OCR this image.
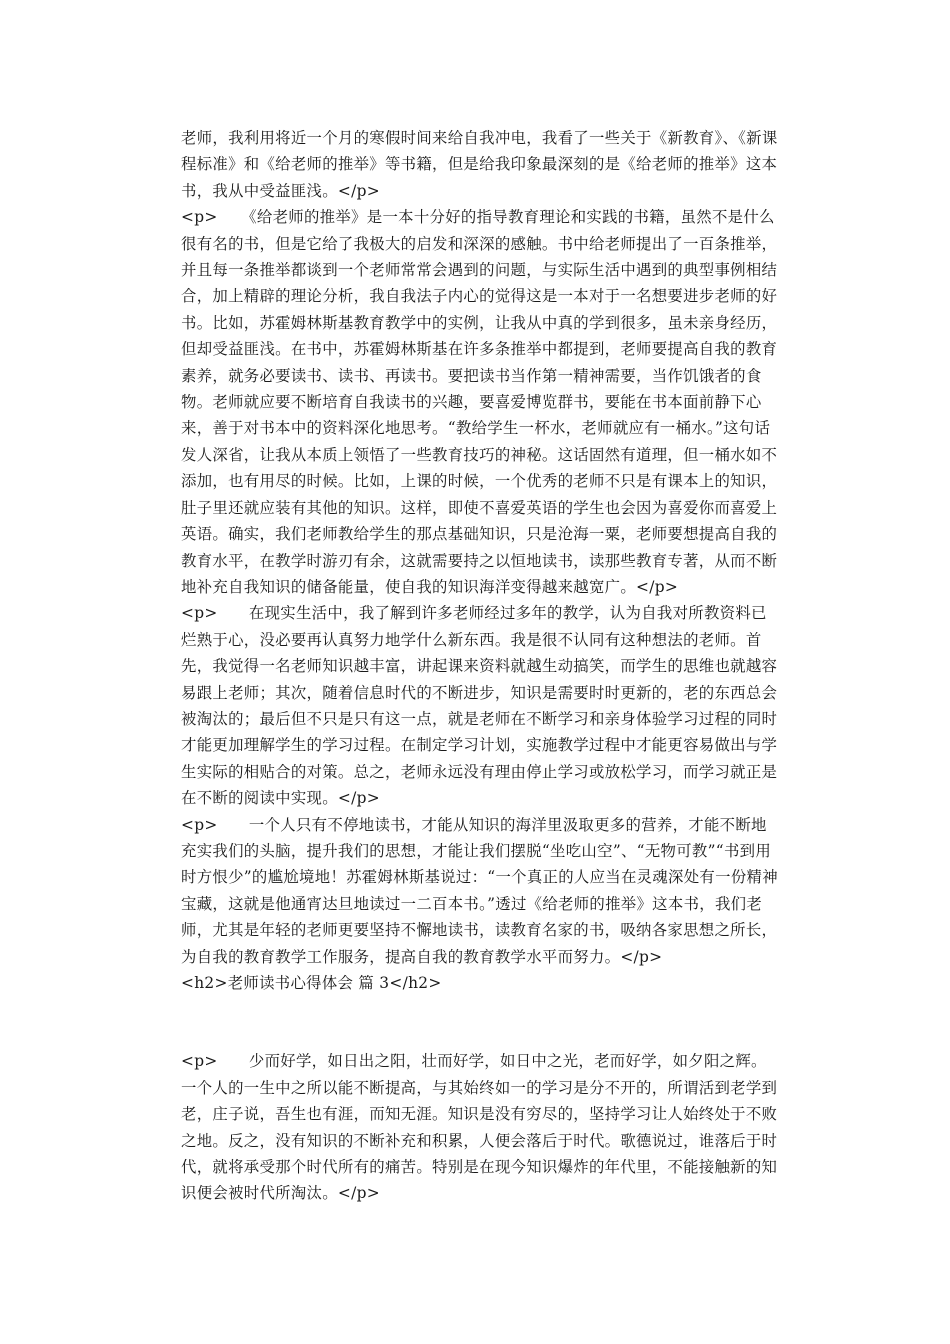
老师，我利用将近一个月的寒假时间来给自我冲电，我看了一些关于《新教育》、《新课程标准》和《给老师的推举》等书籍，但是给我印象最深刻的是《给老师的推举》这本书，我从中受益匪浅。</p>

<p>　　《给老师的推举》是一本十分好的指导教育理论和实践的书籍，虽然不是什么很有名的书，但是它给了我极大的启发和深深的感触。书中给老师提出了一百条推举，并且每一条推举都谈到一个老师常常会遇到的问题，与实际生活中遇到的典型事例相结合，加上精辟的理论分析，我自我法子内心的觉得这是一本对于一名想要进步老师的好书。比如，苏霍姆林斯基教育教学中的实例，让我从中真的学到很多，虽未亲身经历，但却受益匪浅。在书中，苏霍姆林斯基在许多条推举中都提到，老师要提高自我的教育素养，就务必要读书、读书、再读书。要把读书当作第一精神需要，当作饥饿者的食物。老师就应要不断培育自我读书的兴趣，要喜爱博览群书，要能在书本面前静下心来，善于对书本中的资料深化地思考。“教给学生一杯水，老师就应有一桶水。”这句话发人深省，让我从本质上领悟了一些教育技巧的神秘。这话固然有道理，但一桶水如不添加，也有用尽的时候。比如，上课的时候，一个优秀的老师不只是有课本上的知识，肚子里还就应装有其他的知识。这样，即使不喜爱英语的学生也会因为喜爱你而喜爱上英语。确实，我们老师教给学生的那点基础知识，只是沧海一粟，老师要想提高自我的教育水平，在教学时游刃有余，这就需要持之以恒地读书，读那些教育专著，从而不断地补充自我知识的储备能量，使自我的知识海洋变得越来越宽广。</p>

<p>　　在现实生活中，我了解到许多老师经过多年的教学，认为自我对所教资料已烂熟于心，没必要再认真努力地学什么新东西。我是很不认同有这种想法的老师。首先，我觉得一名老师知识越丰富，讲起课来资料就越生动搞笑，而学生的思维也就越容易跟上老师；其次，随着信息时代的不断进步，知识是需要时时更新的，老的东西总会被淘汰的；最后但不只是只有这一点，就是老师在不断学习和亲身体验学习过程的同时才能更加理解学生的学习过程。在制定学习计划，实施教学过程中才能更容易做出与学生实际的相贴合的对策。总之，老师永远没有理由停止学习或放松学习，而学习就正是在不断的阅读中实现。</p>

<p>　　一个人只有不停地读书，才能从知识的海洋里汲取更多的营养，才能不断地充实我们的头脑，提升我们的思想，才能让我们摆脱“坐吃山空”、“无物可教”“书到用时方恨少”的尴尬境地！苏霍姆林斯基说过：“一个真正的人应当在灵魂深处有一份精神宝藏，这就是他通宵达旦地读过一二百本书。”透过《给老师的推举》这本书，我们老师，尤其是年轻的老师更要坚持不懈地读书，读教育名家的书，吸纳各家思想之所长，为自我的教育教学工作服务，提高自我的教育教学水平而努力。</p>

<h2>老师读书心得体会 篇 3</h2>

<p>　　少而好学，如日出之阳，壮而好学，如日中之光，老而好学，如夕阳之辉。一个人的一生中之所以能不断提高，与其始终如一的学习是分不开的，所谓活到老学到老，庄子说，吾生也有涯，而知无涯。知识是没有穷尽的，坚持学习让人始终处于不败之地。反之，没有知识的不断补充和积累，人便会落后于时代。歌德说过，谁落后于时代，就将承受那个时代所有的痛苦。特别是在现今知识爆炸的年代里，不能接触新的知识便会被时代所淘汰。</p>
